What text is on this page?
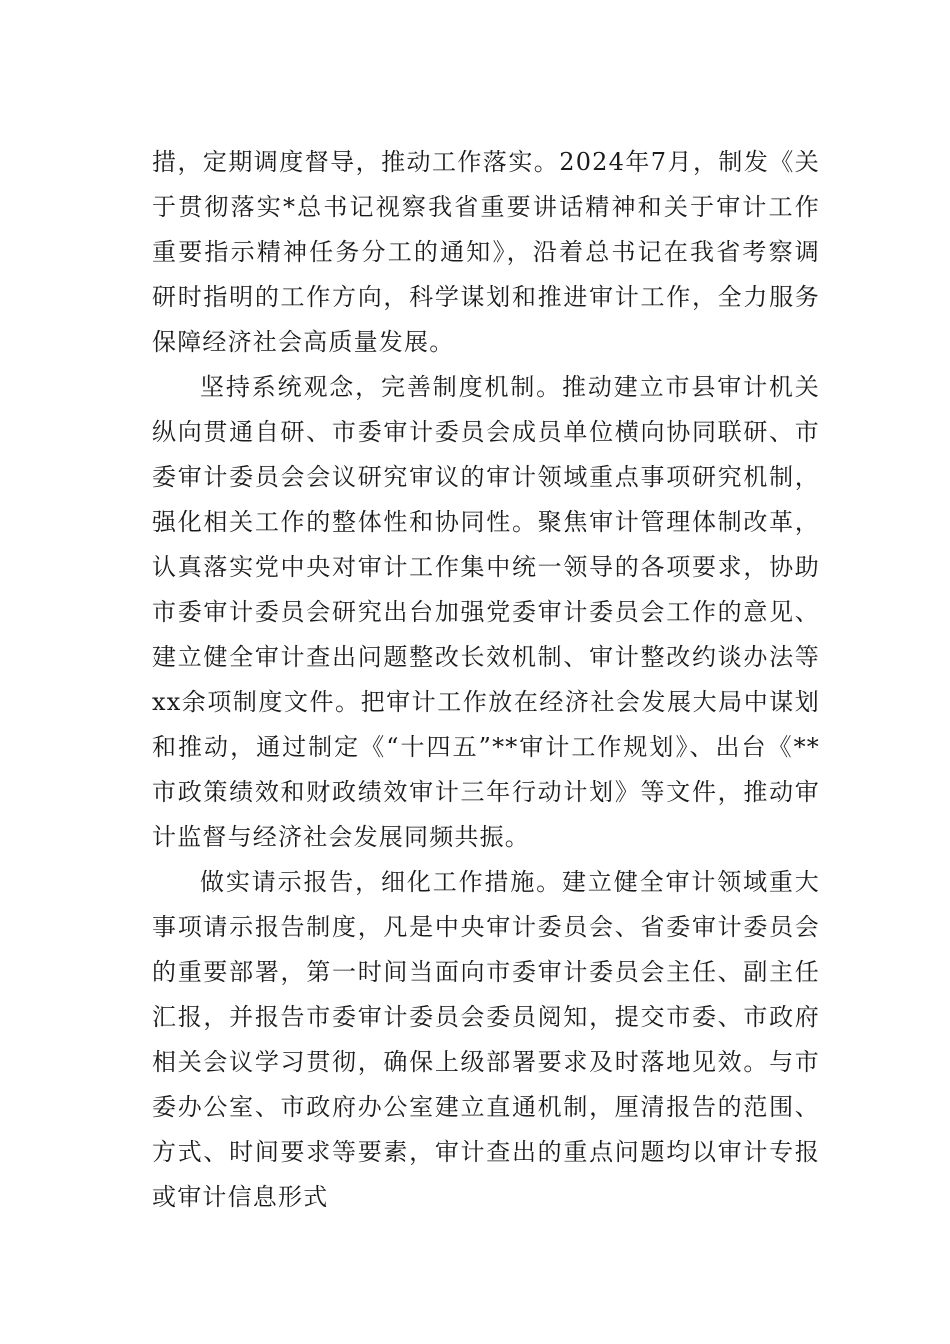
措，定期调度督导，推动工作落实。2024年7月，制发《关于贯彻落实*总书记视察我省重要讲话精神和关于审计工作重要指示精神任务分工的通知》，沿着总书记在我省考察调研时指明的工作方向，科学谋划和推进审计工作，全力服务保障经济社会高质量发展。

坚持系统观念，完善制度机制。推动建立市县审计机关纵向贯通自研、市委审计委员会成员单位横向协同联研、市委审计委员会会议研究审议的审计领域重点事项研究机制，强化相关工作的整体性和协同性。聚焦审计管理体制改革，认真落实党中央对审计工作集中统一领导的各项要求，协助市委审计委员会研究出台加强党委审计委员会工作的意见、建立健全审计查出问题整改长效机制、审计整改约谈办法等xx余项制度文件。把审计工作放在经济社会发展大局中谋划和推动，通过制定《“十四五”**审计工作规划》、出台《**市政策绩效和财政绩效审计三年行动计划》等文件，推动审计监督与经济社会发展同频共振。

做实请示报告，细化工作措施。建立健全审计领域重大事项请示报告制度，凡是中央审计委员会、省委审计委员会的重要部署，第一时间当面向市委审计委员会主任、副主任汇报，并报告市委审计委员会委员阅知，提交市委、市政府相关会议学习贯彻，确保上级部署要求及时落地见效。与市委办公室、市政府办公室建立直通机制，厘清报告的范围、方式、时间要求等要素，审计查出的重点问题均以审计专报或审计信息形式
